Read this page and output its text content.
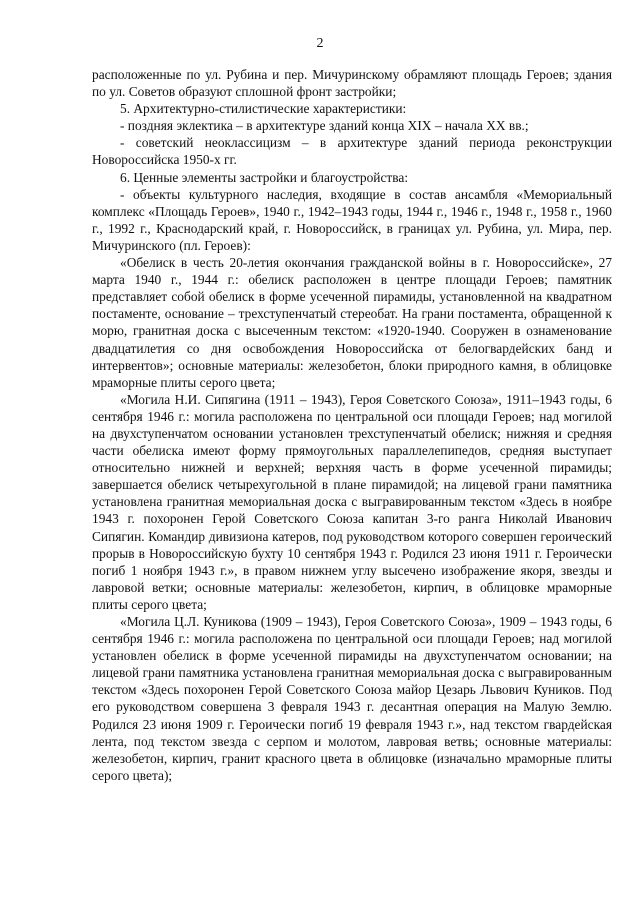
2

расположенные по ул. Рубина и пер. Мичуринскому обрамляют площадь Героев; здания по ул. Советов образуют сплошной фронт застройки;

5. Архитектурно-стилистические характеристики:

- поздняя эклектика – в архитектуре зданий конца XIX – начала XX вв.;

- советский неоклассицизм – в архитектуре зданий периода реконструкции Новороссийска 1950-х гг.

6. Ценные элементы застройки и благоустройства:

- объекты культурного наследия, входящие в состав ансамбля «Мемориальный комплекс «Площадь Героев», 1940 г., 1942–1943 годы, 1944 г., 1946 г., 1948 г., 1958 г., 1960 г., 1992 г., Краснодарский край, г. Новороссийск, в границах ул. Рубина, ул. Мира, пер. Мичуринского (пл. Героев):

«Обелиск в честь 20-летия окончания гражданской войны в г. Новороссийске», 27 марта 1940 г., 1944 г.: обелиск расположен в центре площади Героев; памятник представляет собой обелиск в форме усеченной пирамиды, установленной на квадратном постаменте, основание – трехступенчатый стереобат. На грани постамента, обращенной к морю, гранитная доска с высеченным текстом: «1920-1940. Сооружен в ознаменование двадцатилетия со дня освобождения Новороссийска от белогвардейских банд и интервентов»; основные материалы: железобетон, блоки природного камня, в облицовке мраморные плиты серого цвета;

«Могила Н.И. Сипягина (1911 – 1943), Героя Советского Союза», 1911–1943 годы, 6 сентября 1946 г.: могила расположена по центральной оси площади Героев; над могилой на двухступенчатом основании установлен трехступенчатый обелиск; нижняя и средняя части обелиска имеют форму прямоугольных параллелепипедов, средняя выступает относительно нижней и верхней; верхняя часть в форме усеченной пирамиды; завершается обелиск четырехугольной в плане пирамидой; на лицевой грани памятника установлена гранитная мемориальная доска с выгравированным текстом «Здесь в ноябре 1943 г. похоронен Герой Советского Союза капитан 3-го ранга Николай Иванович Сипягин. Командир дивизиона катеров, под руководством которого совершен героический прорыв в Новороссийскую бухту 10 сентября 1943 г. Родился 23 июня 1911 г. Героически погиб 1 ноября 1943 г.», в правом нижнем углу высечено изображение якоря, звезды и лавровой ветки; основные материалы: железобетон, кирпич, в облицовке мраморные плиты серого цвета;

«Могила Ц.Л. Куникова (1909 – 1943), Героя Советского Союза», 1909 – 1943 годы, 6 сентября 1946 г.: могила расположена по центральной оси площади Героев; над могилой установлен обелиск в форме усеченной пирамиды на двухступенчатом основании; на лицевой грани памятника установлена гранитная мемориальная доска с выгравированным текстом «Здесь похоронен Герой Советского Союза майор Цезарь Львович Куников. Под его руководством совершена 3 февраля 1943 г. десантная операция на Малую Землю. Родился 23 июня 1909 г. Героически погиб 19 февраля 1943 г.», над текстом гвардейская лента, под текстом звезда с серпом и молотом, лавровая ветвь; основные материалы: железобетон, кирпич, гранит красного цвета в облицовке (изначально мраморные плиты серого цвета);
